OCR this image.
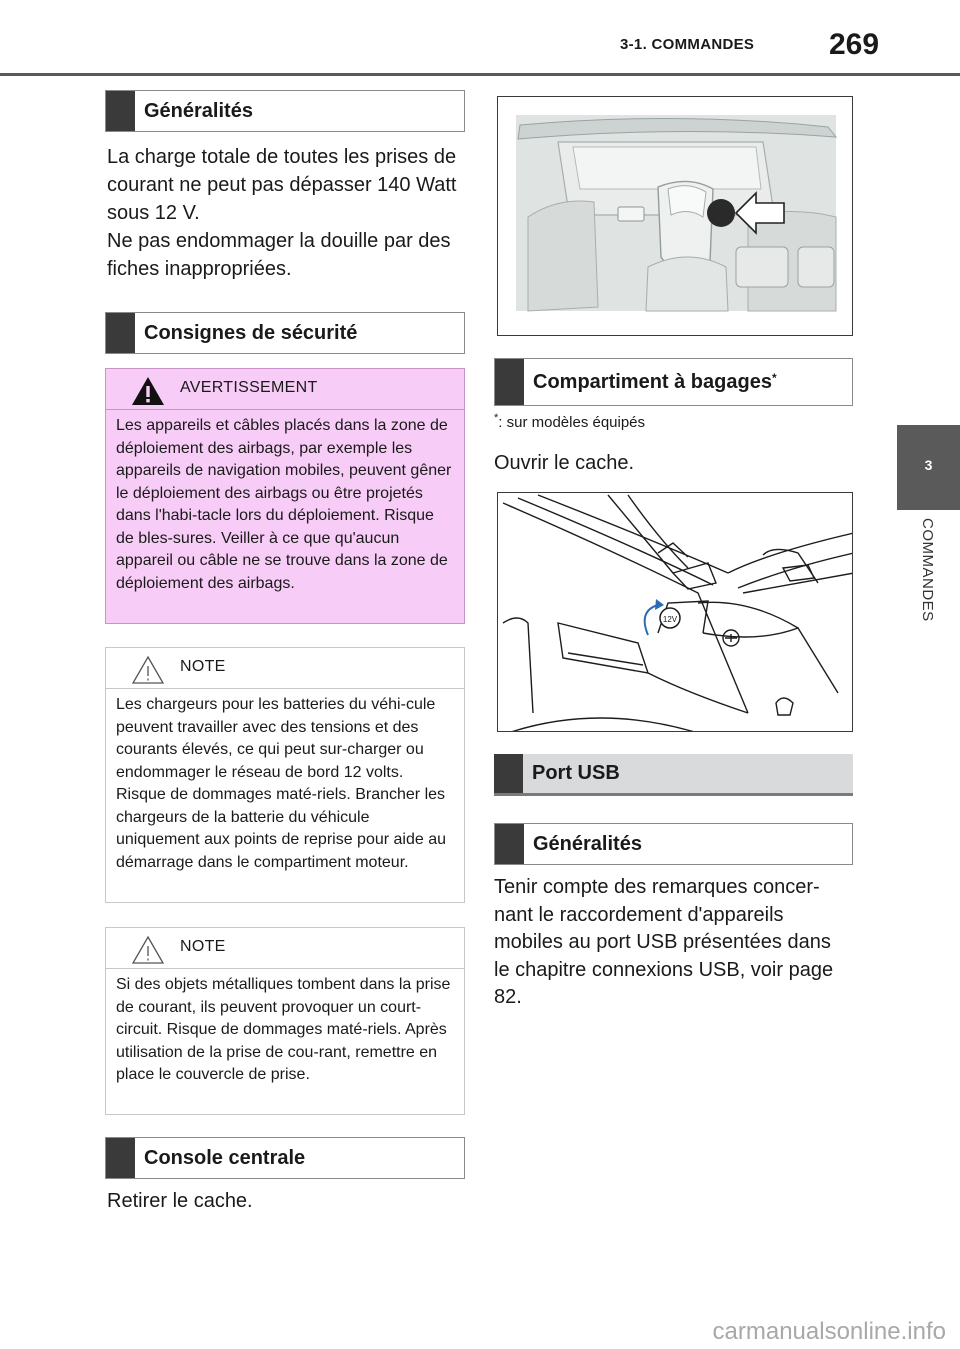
3-1. COMMANDES 269
3
COMMANDES
Généralités
La charge totale de toutes les prises de courant ne peut pas dépasser 140 Watt sous 12 V.
Ne pas endommager la douille par des fiches inappropriées.
Consignes de sécurité
AVERTISSEMENT
Les appareils et câbles placés dans la zone de déploiement des airbags, par exemple les appareils de navigation mobiles, peuvent gêner le déploiement des airbags ou être projetés dans l'habi-tacle lors du déploiement. Risque de bles-sures. Veiller à ce que qu'aucun appareil ou câble ne se trouve dans la zone de déploiement des airbags.
NOTE
Les chargeurs pour les batteries du véhi-cule peuvent travailler avec des tensions et des courants élevés, ce qui peut sur-charger ou endommager le réseau de bord 12 volts. Risque de dommages maté-riels. Brancher les chargeurs de la batterie du véhicule uniquement aux points de reprise pour aide au démarrage dans le compartiment moteur.
NOTE
Si des objets métalliques tombent dans la prise de courant, ils peuvent provoquer un court-circuit. Risque de dommages maté-riels. Après utilisation de la prise de cou-rant, remettre en place le couvercle de prise.
Console centrale
Retirer le cache.
Compartiment à bagages*
*: sur modèles équipés
Ouvrir le cache.
12V
Port USB
Généralités
Tenir compte des remarques concer-nant le raccordement d'appareils mobiles au port USB présentées dans le chapitre connexions USB, voir page 82.
carmanualsonline.info
